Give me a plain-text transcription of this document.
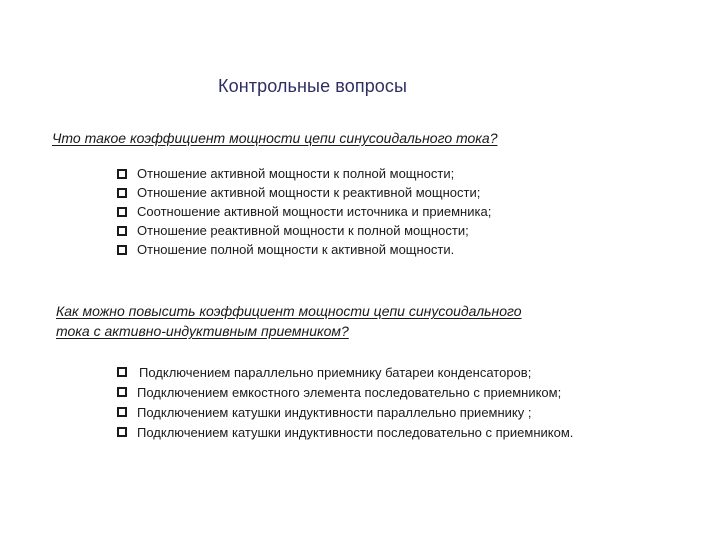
Контрольные вопросы
Что такое коэффициент мощности цепи синусоидального тока?
Отношение активной мощности к полной мощности;
Отношение активной мощности к реактивной мощности;
Соотношение активной мощности источника и приемника;
Отношение реактивной мощности к полной мощности;
Отношение полной мощности к активной мощности.
Как можно повысить коэффициент мощности цепи синусоидального
тока с активно-индуктивным приемником?
Подключением параллельно приемнику батареи конденсаторов;
Подключением емкостного элемента последовательно с приемником;
Подключением катушки индуктивности параллельно приемнику ;
Подключением катушки индуктивности последовательно с приемником.
